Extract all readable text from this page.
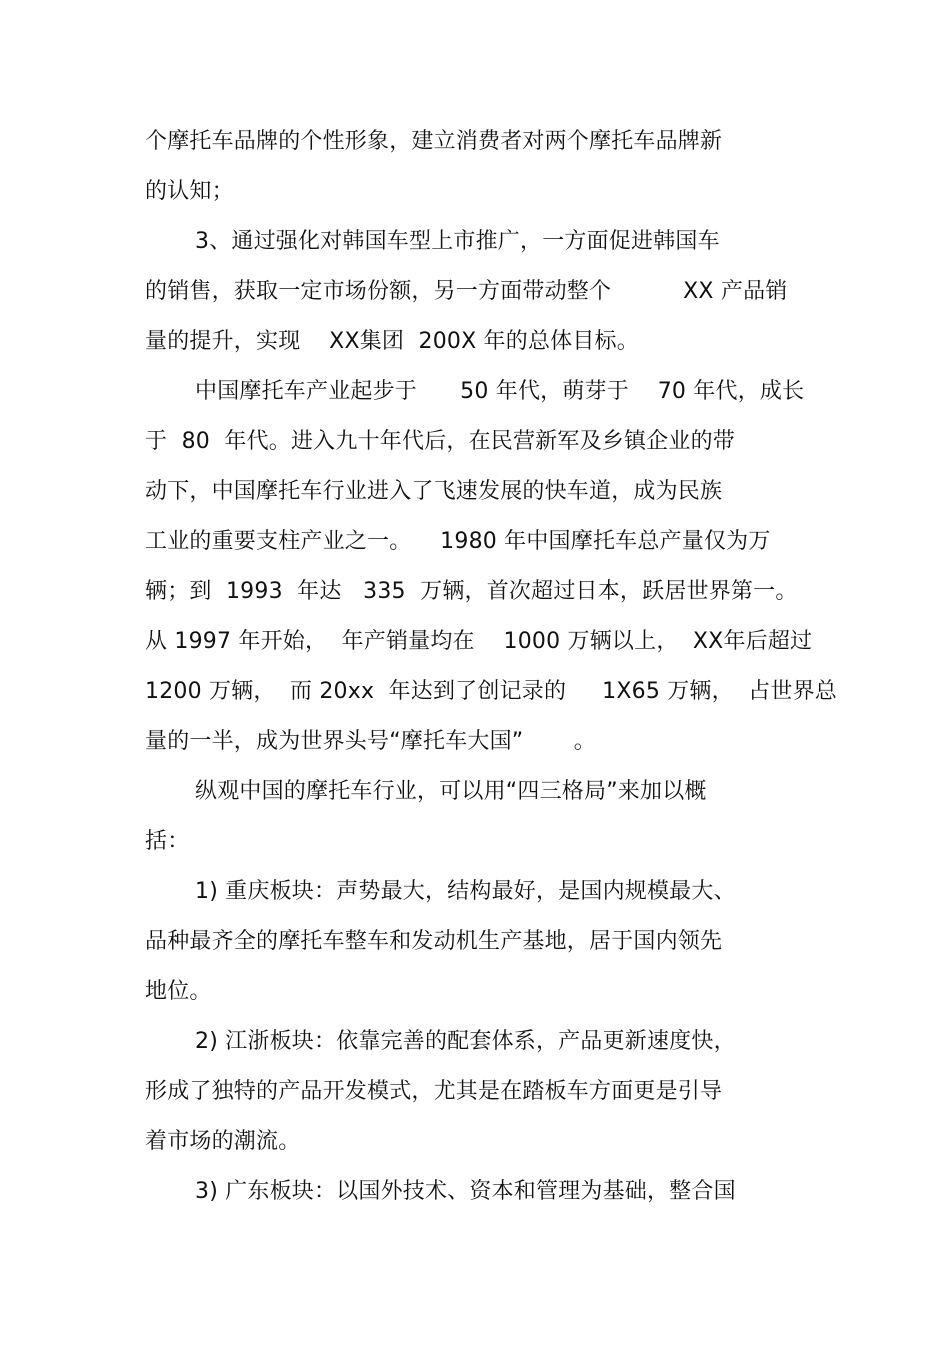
个摩托车品牌的个性形象，建立消费者对两个摩托车品牌新
的认知；
3、通过强化对韩国车型上市推广，一方面促进韩国车
的销售，获取一定市场份额，另一方面带动整个          XX 产品销
量的提升，实现    XX集团  200X 年的总体目标。
中国摩托车产业起步于      50 年代，萌芽于    70 年代，成长
于  80  年代。进入九十年代后，在民营新军及乡镇企业的带
动下，中国摩托车行业进入了飞速发展的快车道，成为民族
工业的重要支柱产业之一。    1980 年中国摩托车总产量仅为万
辆；到  1993  年达   335  万辆，首次超过日本，跃居世界第一。
从 1997 年开始，  年产销量均在    1000 万辆以上，  XX年后超过
1200 万辆，  而 20xx  年达到了创记录的     1X65 万辆，  占世界总
量的一半，成为世界头号“摩托车大国”       。
纵观中国的摩托车行业，可以用“四三格局”来加以概
括：
1) 重庆板块：声势最大，结构最好，是国内规模最大、
品种最齐全的摩托车整车和发动机生产基地，居于国内领先
地位。
2) 江浙板块：依靠完善的配套体系，产品更新速度快，
形成了独特的产品开发模式，尤其是在踏板车方面更是引导
着市场的潮流。
3) 广东板块：以国外技术、资本和管理为基础，整合国
